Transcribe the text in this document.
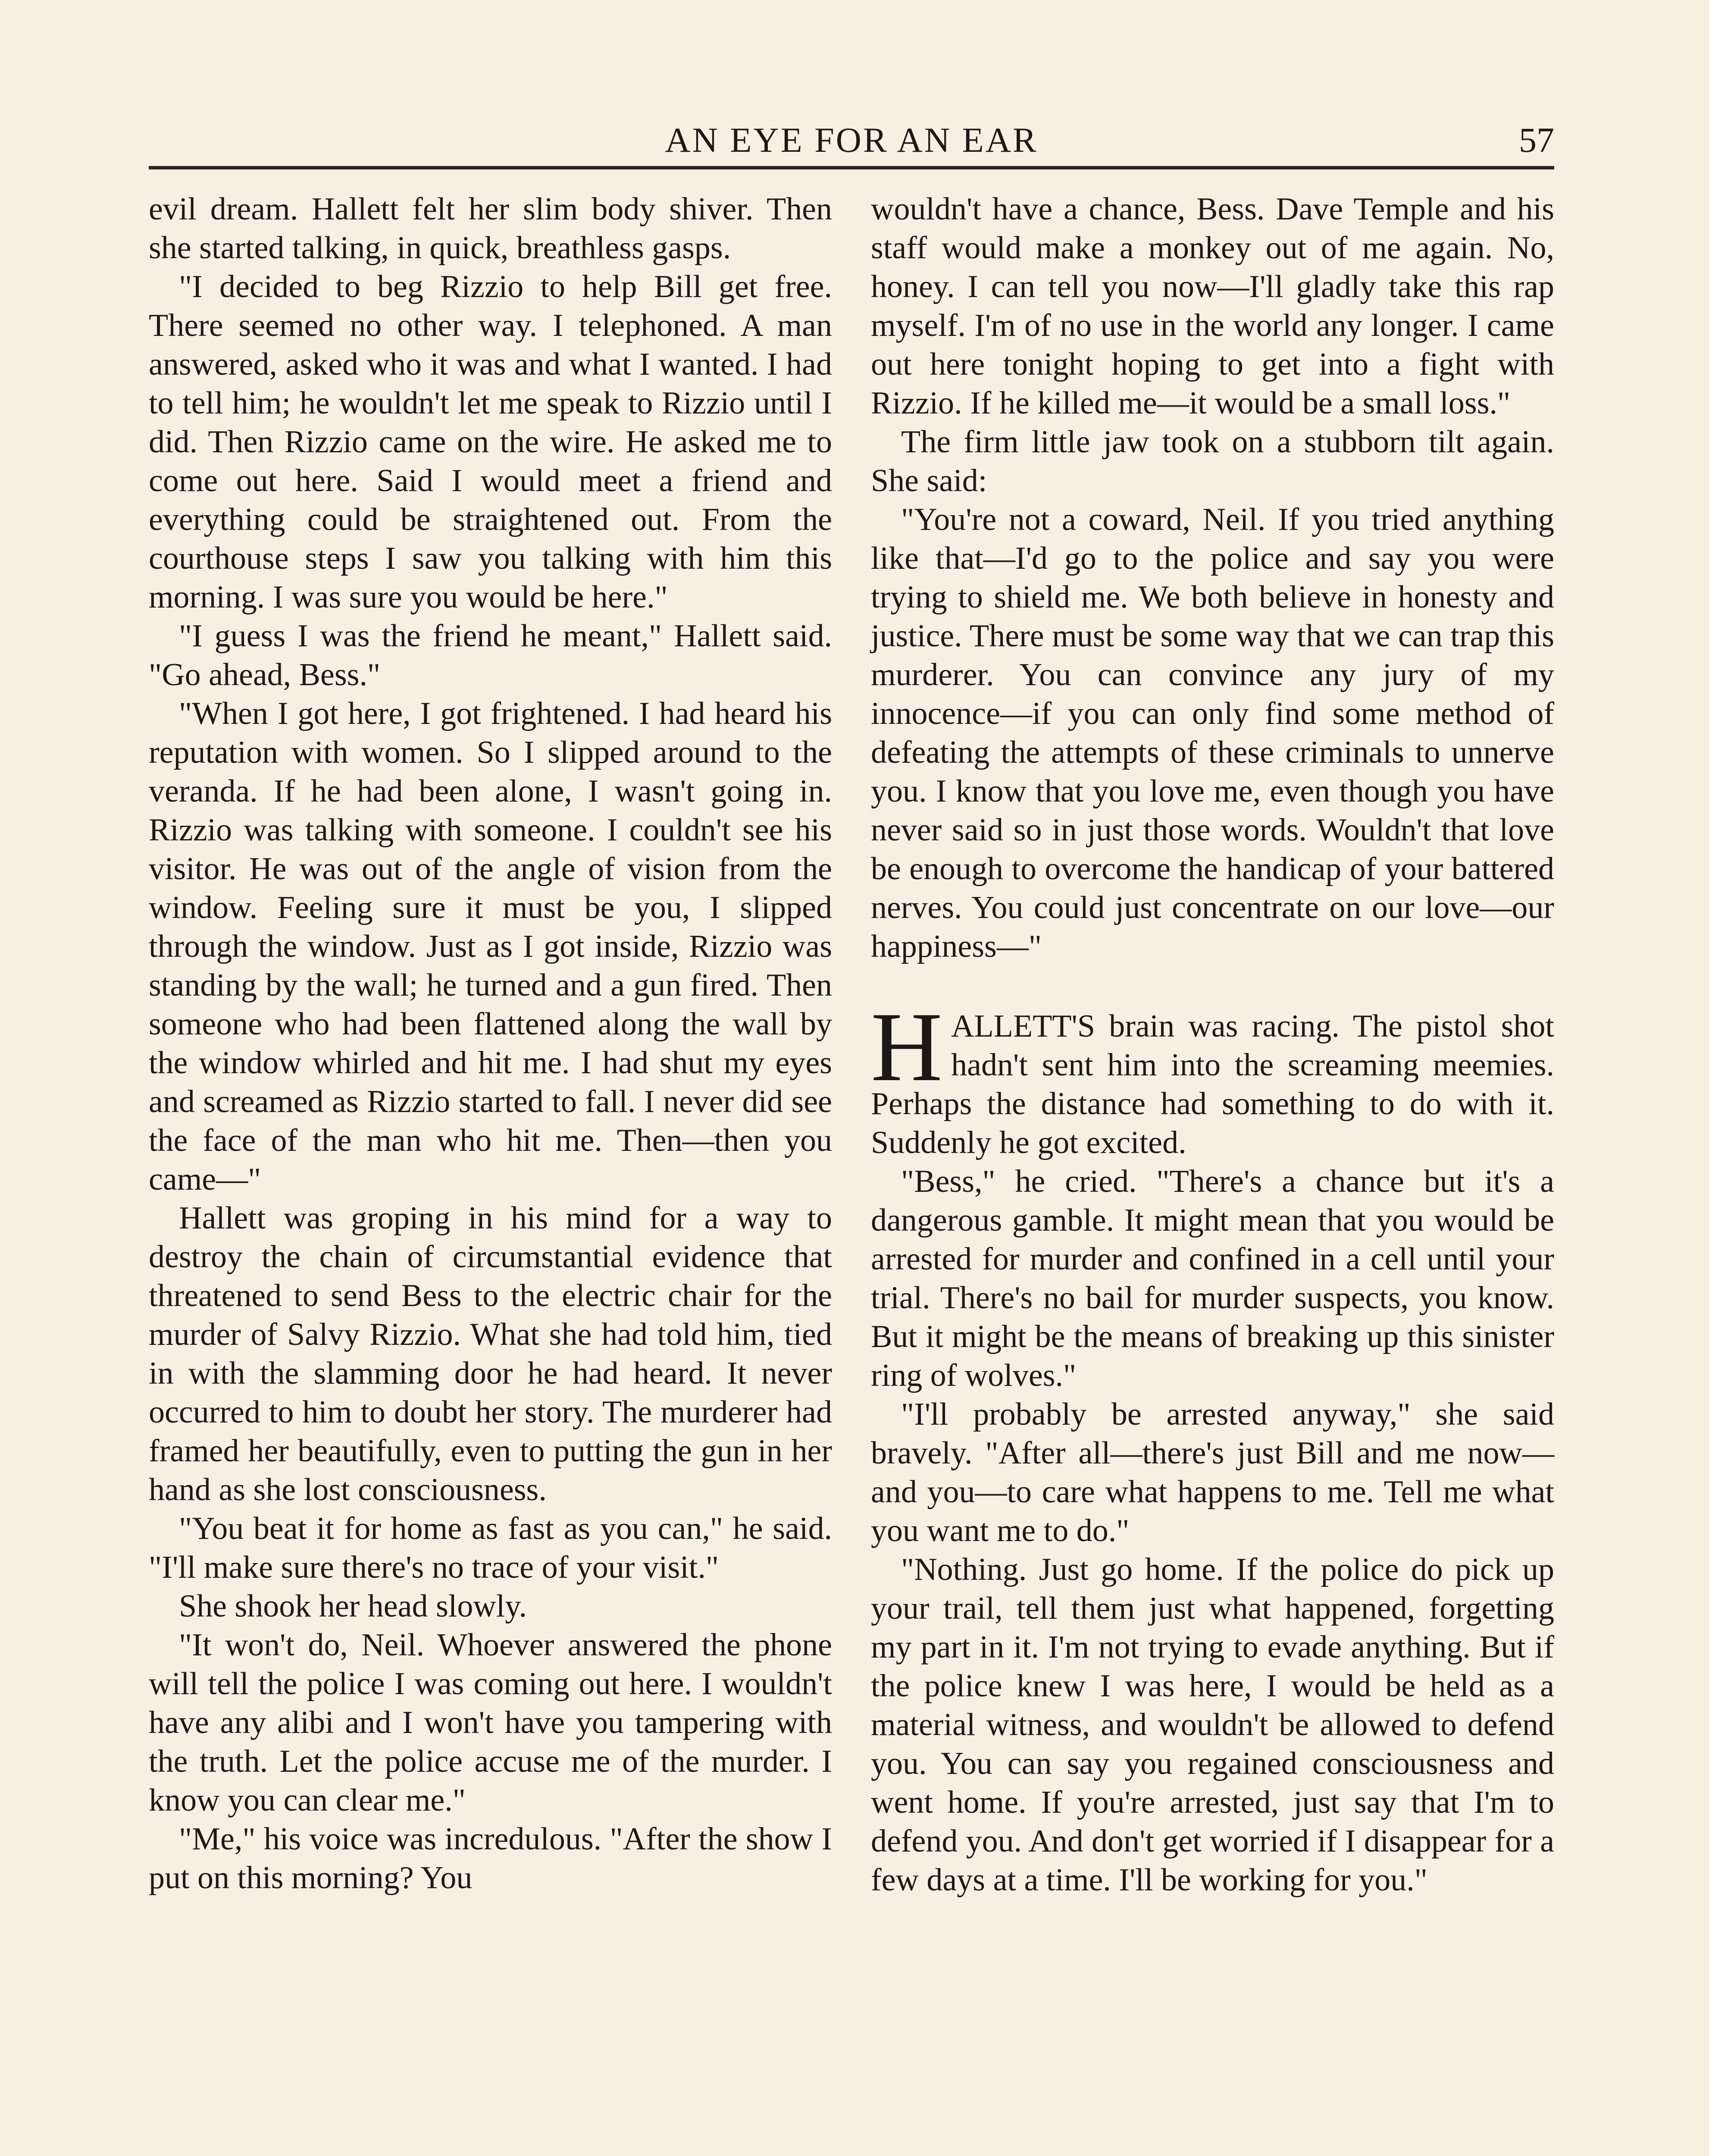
AN EYE FOR AN EAR	57

evil dream. Hallett felt her slim body shiver. Then she started talking, in quick, breathless gasps.

"I decided to beg Rizzio to help Bill get free. There seemed no other way. I telephoned. A man answered, asked who it was and what I wanted. I had to tell him; he wouldn't let me speak to Rizzio until I did. Then Rizzio came on the wire. He asked me to come out here. Said I would meet a friend and everything could be straightened out. From the courthouse steps I saw you talking with him this morning. I was sure you would be here."

"I guess I was the friend he meant," Hallett said. "Go ahead, Bess."

"When I got here, I got frightened. I had heard his reputation with women. So I slipped around to the veranda. If he had been alone, I wasn't going in. Rizzio was talking with someone. I couldn't see his visitor. He was out of the angle of vision from the window. Feeling sure it must be you, I slipped through the window. Just as I got inside, Rizzio was standing by the wall; he turned and a gun fired. Then someone who had been flattened along the wall by the window whirled and hit me. I had shut my eyes and screamed as Rizzio started to fall. I never did see the face of the man who hit me. Then—then you came—"

Hallett was groping in his mind for a way to destroy the chain of circumstantial evidence that threatened to send Bess to the electric chair for the murder of Salvy Rizzio. What she had told him, tied in with the slamming door he had heard. It never occurred to him to doubt her story. The murderer had framed her beautifully, even to putting the gun in her hand as she lost consciousness.

"You beat it for home as fast as you can," he said. "I'll make sure there's no trace of your visit."

She shook her head slowly.

"It won't do, Neil. Whoever answered the phone will tell the police I was coming out here. I wouldn't have any alibi and I won't have you tampering with the truth. Let the police accuse me of the murder. I know you can clear me."

"Me," his voice was incredulous. "After the show I put on this morning? You

wouldn't have a chance, Bess. Dave Temple and his staff would make a monkey out of me again. No, honey. I can tell you now—I'll gladly take this rap myself. I'm of no use in the world any longer. I came out here tonight hoping to get into a fight with Rizzio. If he killed me—it would be a small loss."

The firm little jaw took on a stubborn tilt again. She said:

"You're not a coward, Neil. If you tried anything like that—I'd go to the police and say you were trying to shield me. We both believe in honesty and justice. There must be some way that we can trap this murderer. You can convince any jury of my innocence—if you can only find some method of defeating the attempts of these criminals to unnerve you. I know that you love me, even though you have never said so in just those words. Wouldn't that love be enough to overcome the handicap of your battered nerves. You could just concentrate on our love—our happiness—"

HALLETT'S brain was racing. The pistol shot hadn't sent him into the screaming meemies. Perhaps the distance had something to do with it. Suddenly he got excited.

"Bess," he cried. "There's a chance but it's a dangerous gamble. It might mean that you would be arrested for murder and confined in a cell until your trial. There's no bail for murder suspects, you know. But it might be the means of breaking up this sinister ring of wolves."

"I'll probably be arrested anyway," she said bravely. "After all—there's just Bill and me now—and you—to care what happens to me. Tell me what you want me to do."

"Nothing. Just go home. If the police do pick up your trail, tell them just what happened, forgetting my part in it. I'm not trying to evade anything. But if the police knew I was here, I would be held as a material witness, and wouldn't be allowed to defend you. You can say you regained consciousness and went home. If you're arrested, just say that I'm to defend you. And don't get worried if I disappear for a few days at a time. I'll be working for you."
